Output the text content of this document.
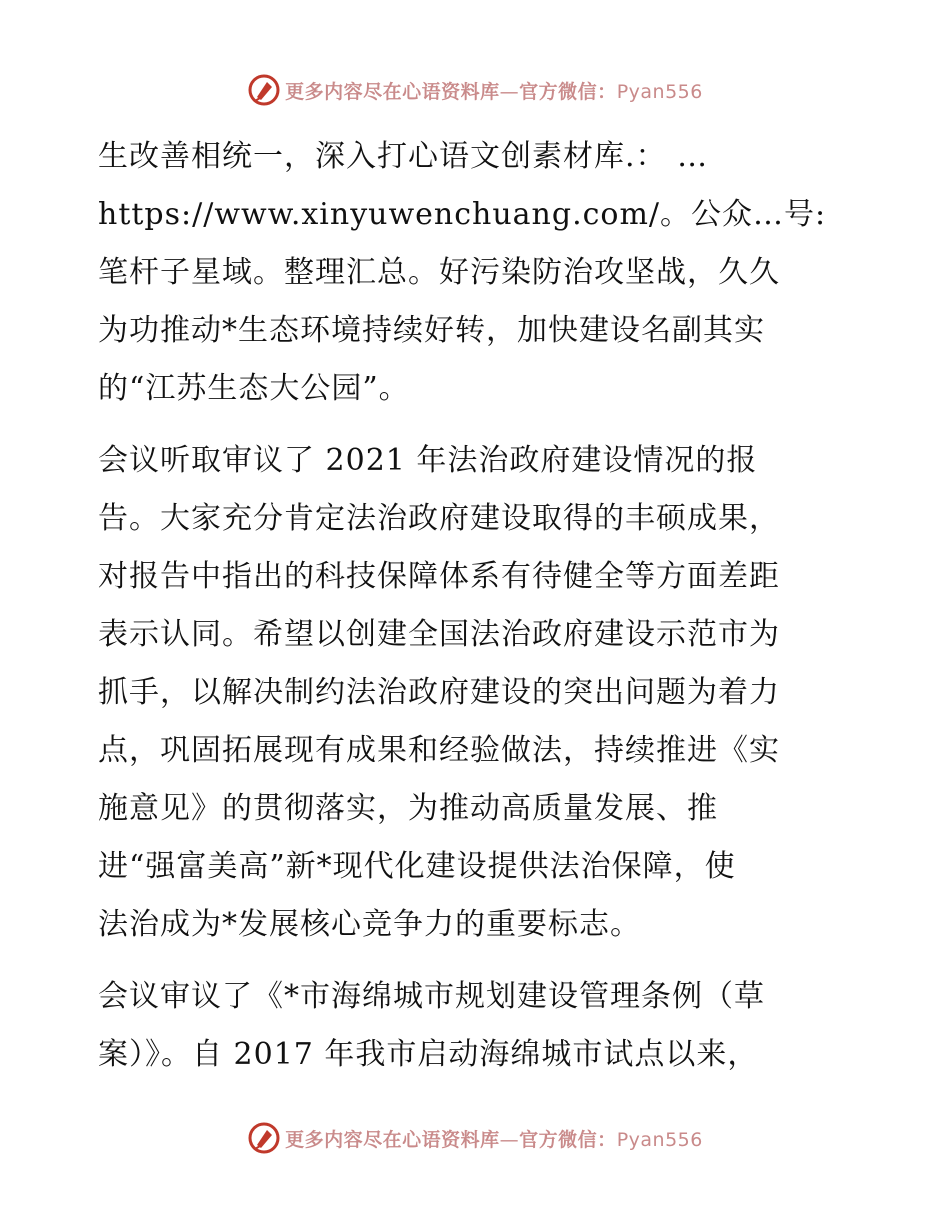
更多内容尽在心语资料库—官方微信：Pyan556
生改善相统一，深入打心语文创素材库.： …
https://www.xinyuwenchuang.com/。公众…号:
笔杆子星域。整理汇总。好污染防治攻坚战，久久
为功推动*生态环境持续好转，加快建设名副其实
的“江苏生态大公园”。
会议听取审议了 2021 年法治政府建设情况的报
告。大家充分肯定法治政府建设取得的丰硕成果，
对报告中指出的科技保障体系有待健全等方面差距
表示认同。希望以创建全国法治政府建设示范市为
抓手，以解决制约法治政府建设的突出问题为着力
点，巩固拓展现有成果和经验做法，持续推进《实
施意见》的贯彻落实，为推动高质量发展、推
进“强富美高”新*现代化建设提供法治保障，使
法治成为*发展核心竞争力的重要标志。
会议审议了《*市海绵城市规划建设管理条例（草
案）》。自 2017 年我市启动海绵城市试点以来，
更多内容尽在心语资料库—官方微信：Pyan556
